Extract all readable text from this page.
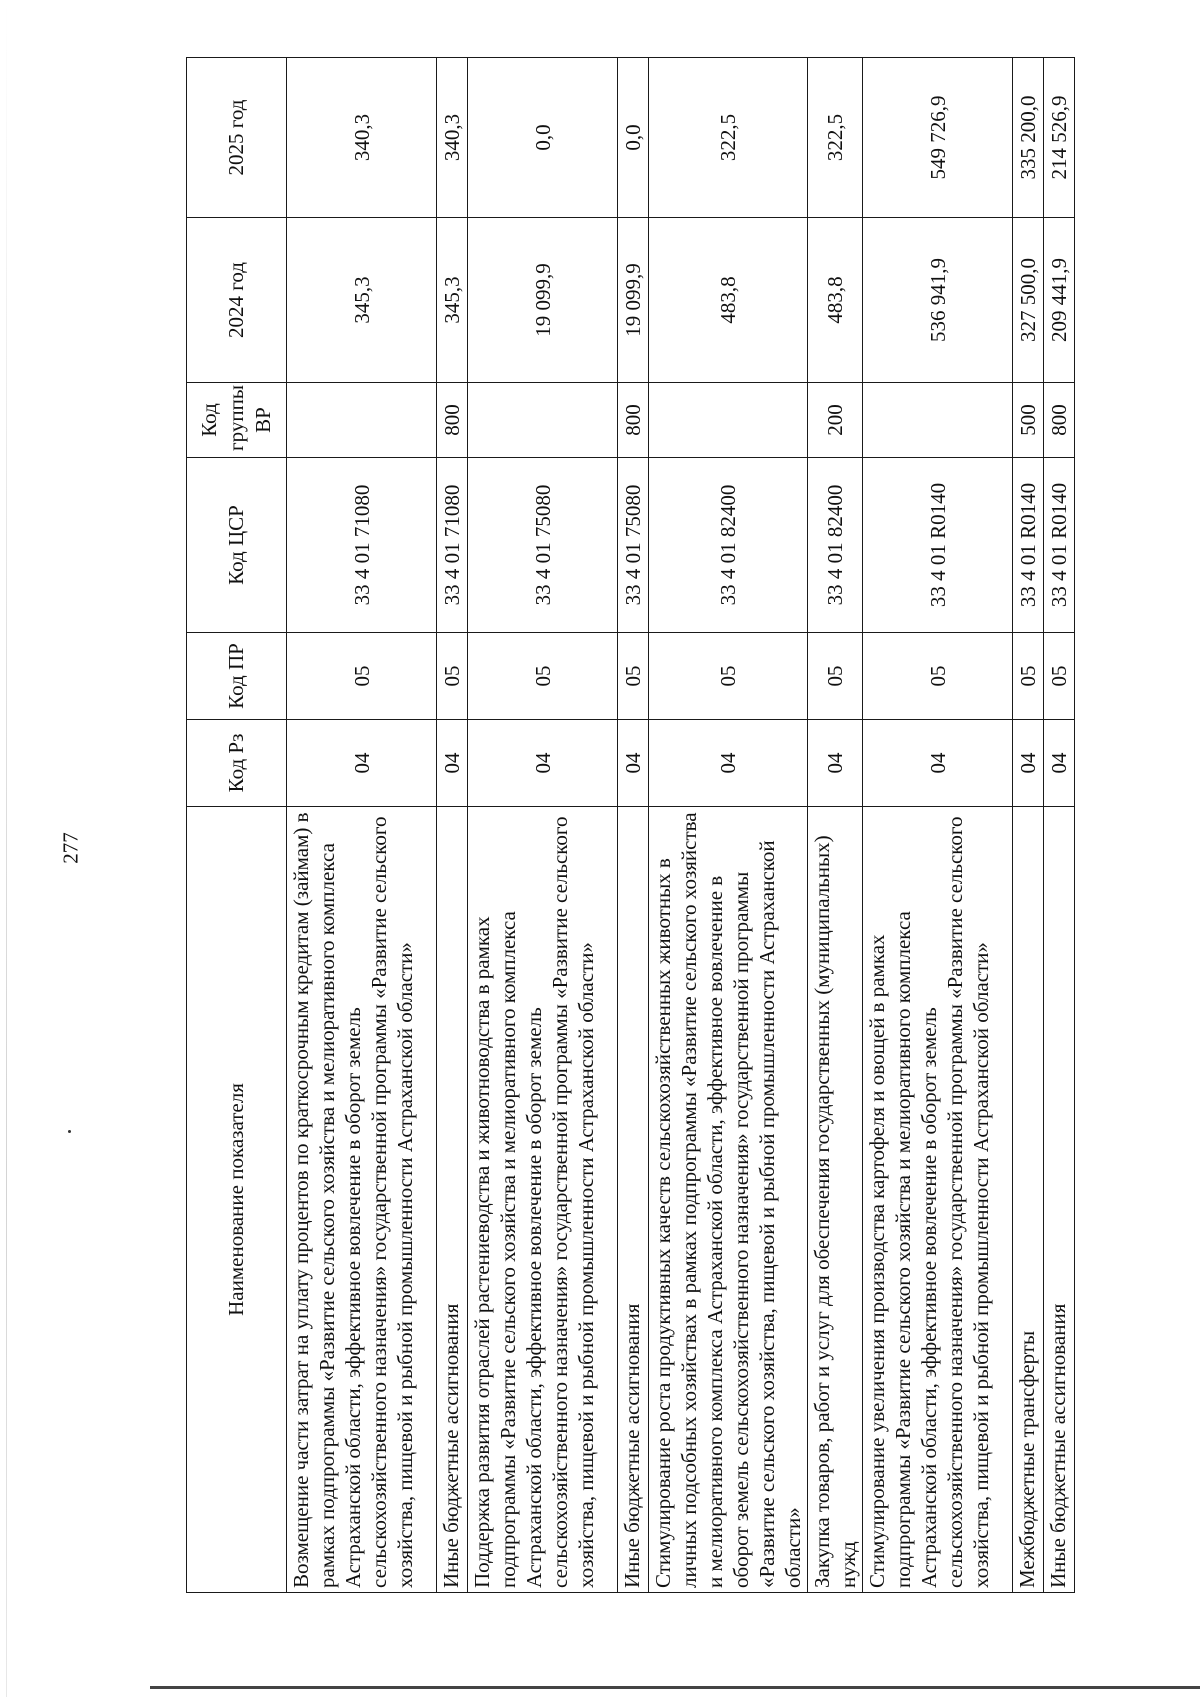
277
Наименование показателя	Код Рз	Код ПР	Код ЦСР	Код группы ВР	2024 год	2025 год
Возмещение части затрат на уплату процентов по краткосрочным кредитам (займам) в рамках подпрограммы «Развитие сельского хозяйства и мелиоративного комплекса Астраханской области, эффективное вовлечение в оборот земель сельскохозяйственного назначения» государственной программы «Развитие сельского хозяйства, пищевой и рыбной промышленности Астраханской области»	04	05	33 4 01 71080		345,3	340,3
Иные бюджетные ассигнования	04	05	33 4 01 71080	800	345,3	340,3
Поддержка развития отраслей растениеводства и животноводства в рамках подпрограммы «Развитие сельского хозяйства и мелиоративного комплекса Астраханской области, эффективное вовлечение в оборот земель сельскохозяйственного назначения» государственной программы «Развитие сельского хозяйства, пищевой и рыбной промышленности Астраханской области»	04	05	33 4 01 75080		19 099,9	0,0
Иные бюджетные ассигнования	04	05	33 4 01 75080	800	19 099,9	0,0
Стимулирование роста продуктивных качеств сельскохозяйственных животных в личных подсобных хозяйствах в рамках подпрограммы «Развитие сельского хозяйства и мелиоративного комплекса Астраханской области, эффективное вовлечение в оборот земель сельскохозяйственного назначения» государственной программы «Развитие сельского хозяйства, пищевой и рыбной промышленности Астраханской области»	04	05	33 4 01 82400		483,8	322,5
Закупка товаров, работ и услуг для обеспечения государственных (муниципальных) нужд	04	05	33 4 01 82400	200	483,8	322,5
Стимулирование увеличения производства картофеля и овощей в рамках подпрограммы «Развитие сельского хозяйства и мелиоративного комплекса Астраханской области, эффективное вовлечение в оборот земель сельскохозяйственного назначения» государственной программы «Развитие сельского хозяйства, пищевой и рыбной промышленности Астраханской области»	04	05	33 4 01 R0140		536 941,9	549 726,9
Межбюджетные трансферты	04	05	33 4 01 R0140	500	327 500,0	335 200,0
Иные бюджетные ассигнования	04	05	33 4 01 R0140	800	209 441,9	214 526,9
